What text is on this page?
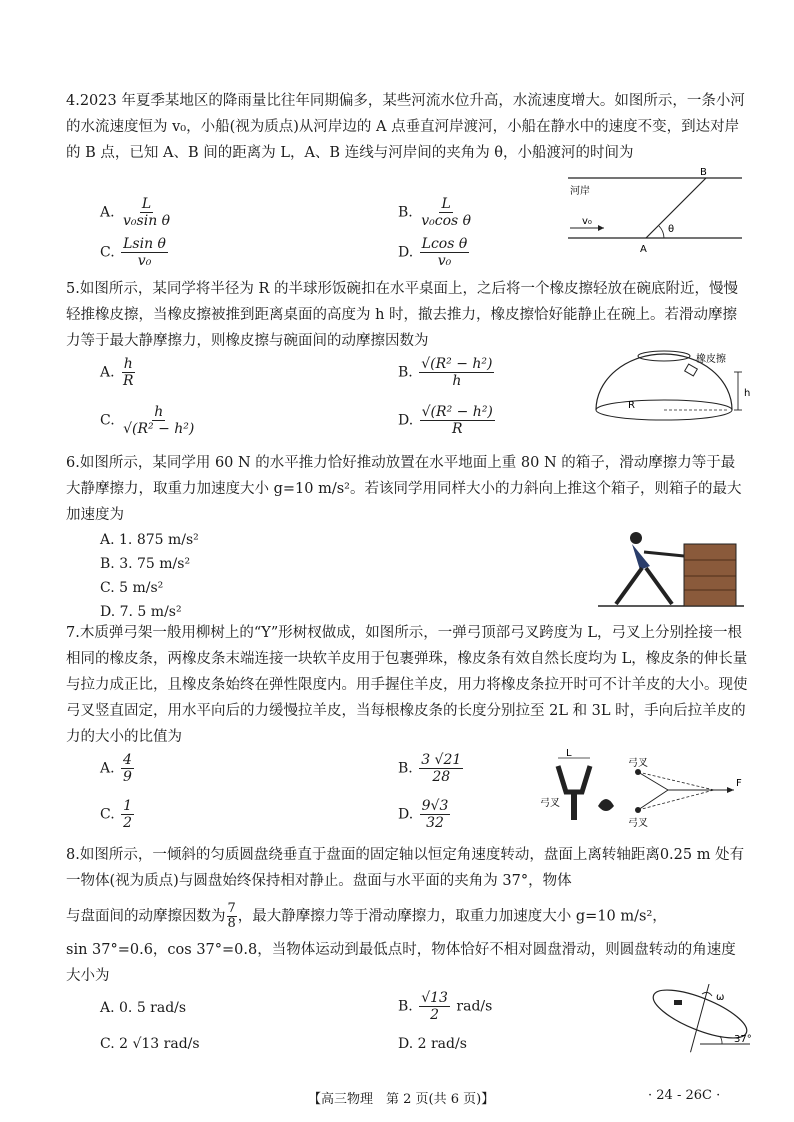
4.2023 年夏季某地区的降雨量比往年同期偏多，某些河流水位升高，水流速度增大。如图所示，一条小河的水流速度恒为 v₀，小船(视为质点)从河岸边的 A 点垂直河岸渡河，小船在静水中的速度不变，到达对岸的 B 点，已知 A、B 间的距离为 L，A、B 连线与河岸间的夹角为 θ，小船渡河的时间为

A. $\frac{L}{\text{v₀sin θ}}$	B. $\frac{L}{\text{v₀cos θ}}$
C. $\frac{\text{Lsin θ}}{\text{v₀}}$	D. $\frac{\text{Lcos θ}}{\text{v₀}}$
河岸
B
A
v₀
θ

5.如图所示，某同学将半径为 R 的半球形饭碗扣在水平桌面上，之后将一个橡皮擦轻放在碗底附近，慢慢轻推橡皮擦，当橡皮擦被推到距离桌面的高度为 h 时，撤去推力，橡皮擦恰好能静止在碗上。若滑动摩擦力等于最大静摩擦力，则橡皮擦与碗面间的动摩擦因数为

A. $\frac{h}{R}$	B. $\frac{\text{√(R² − h²)}}{h}$
C. $\frac{h}{\text{√(R² − h²)}}$	D. $\frac{\text{√(R² − h²)}}{R}$
橡皮擦
R
h

6.如图所示，某同学用 60 N 的水平推力恰好推动放置在水平地面上重 80 N 的箱子，滑动摩擦力等于最大静摩擦力，取重力加速度大小 g=10 m/s²。若该同学用同样大小的力斜向上推这个箱子，则箱子的最大加速度为

A. 1. 875 m/s²
B. 3. 75 m/s²
C. 5 m/s²
D. 7. 5 m/s²

7.木质弹弓架一般用柳树上的“Y”形树杈做成，如图所示，一弹弓顶部弓叉跨度为 L，弓叉上分别拴接一根相同的橡皮条，两橡皮条末端连接一块软羊皮用于包裹弹珠，橡皮条有效自然长度均为 L，橡皮条的伸长量与拉力成正比，且橡皮条始终在弹性限度内。用手握住羊皮，用力将橡皮条拉开时可不计羊皮的大小。现使弓叉竖直固定，用水平向后的力缓慢拉羊皮，当每根橡皮条的长度分别拉至 2L 和 3L 时，手向后拉羊皮的力的大小的比值为

A. $\frac{4}{9}$	B. $\frac{3 √21}{28}$
C. $\frac{1}{2}$	D. $\frac{9√3}{32}$
L
弓叉
弓叉
弓叉
F

8.如图所示，一倾斜的匀质圆盘绕垂直于盘面的固定轴以恒定角速度转动，盘面上离转轴距离0.25 m 处有一物体(视为质点)与圆盘始终保持相对静止。盘面与水平面的夹角为 37°，物体

与盘面间的动摩擦因数为 $\frac{7}{8}$ ，最大静摩擦力等于滑动摩擦力，取重力加速度大小 g=10 m/s²，

sin 37°=0.6，cos 37°=0.8，当物体运动到最低点时，物体恰好不相对圆盘滑动，则圆盘转动的角速度大小为

A. 0. 5 rad/s	B. $\frac{√13}{2} rad/s$
C. 2 √13 rad/s	D. 2 rad/s
ω
37°
【高三物理　第 2 页(共 6 页)】	· 24 - 26C ·
